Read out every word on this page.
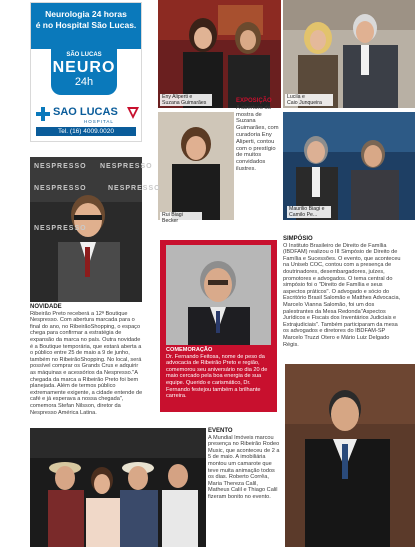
Neurologia 24 horas
é no Hospital São Lucas.
SÃO LUCAS
NEURO
24h
SAO LUCAS
HOSPITAL
Tel. (16) 4009.0020
Eny Aliperti e
Suzana Guimarães
Lucila e
Caio Junqueira
Rui Biagi Becker
EXPOSIÇÃO
A abertura da mostra de Suzana Guimarães, com curadoria Eny Aliperti, contou com o prestígio de muitos convidados ilustres.
Maurilio Biagi e
Camilo Pe...
NESPRESSO NESPRESSO
NESPRESSO	NESPRESSO
NESPRESSO
NOVIDADE
Ribeirão Preto receberá a 12ª Boutique Nespresso. Com abertura marcada para o final do ano, no RibeirãoShopping, o espaço chega para confirmar a estratégia de expansão da marca no país. Outra novidade é a Boutique temporária, que estará aberta a o público entre 25 de maio a 9 de junho, também no RibeirãoShopping. No local, será possível comprar os Grands Crus e adquirir as máquinas e acessórios da Nespresso."A chegada da marca a Ribeirão Preto foi bem planejada. Além de termos público extremamente exigente, a cidade entende de café e já esperava a nossa chegada", comemora Stefan Nilsson, diretor da Nespresso América Latina.
COMEMORAÇÃO
Dr. Fernando Feitosa, nome de peso da advocacia de Ribeirão Preto e região, comemorou seu aniversário no dia 20 de maio cercado pela boa energia de sua equipe. Querido e carismático, Dr. Fernando festejou também a brilhante carreira.
SIMPÓSIO
O Instituto Brasileiro de Direito de Família (IBDFAM) realizou o III Simpósio de Direito de Família e Sucessões. O evento, que aconteceu na Uniseb COC, contou com a presença de doutrinadores, desembargadores, juízes, promotores e advogados. O tema central do simpósio foi o "Direito de Família e seus aspectos práticos". O advogado e sócio do Escritório Brasil Salomão e Matthes Advocacia, Marcelo Vianna Salomão, foi um dos palestrantes da Mesa Redonda"Aspectos Jurídicos e Fiscais dos Inventários Judiciais e Extrajudiciais". Também participaram da mesa os advogados e diretores do IBDFAM-SP Marcelo Truzzi Otero e Mário Luiz Delgado Régis.
EVENTO
A Mundial Imóveis marcou presença no Ribeirão Rodeo Music, que aconteceu de 2 a 5 de maio. A imobiliária montou um camarote que teve muita animação todos os dias. Roberto Corrêa, Maria Thereza Calil, Matheus Calil e Thiago Calil fizeram bonito no evento.
